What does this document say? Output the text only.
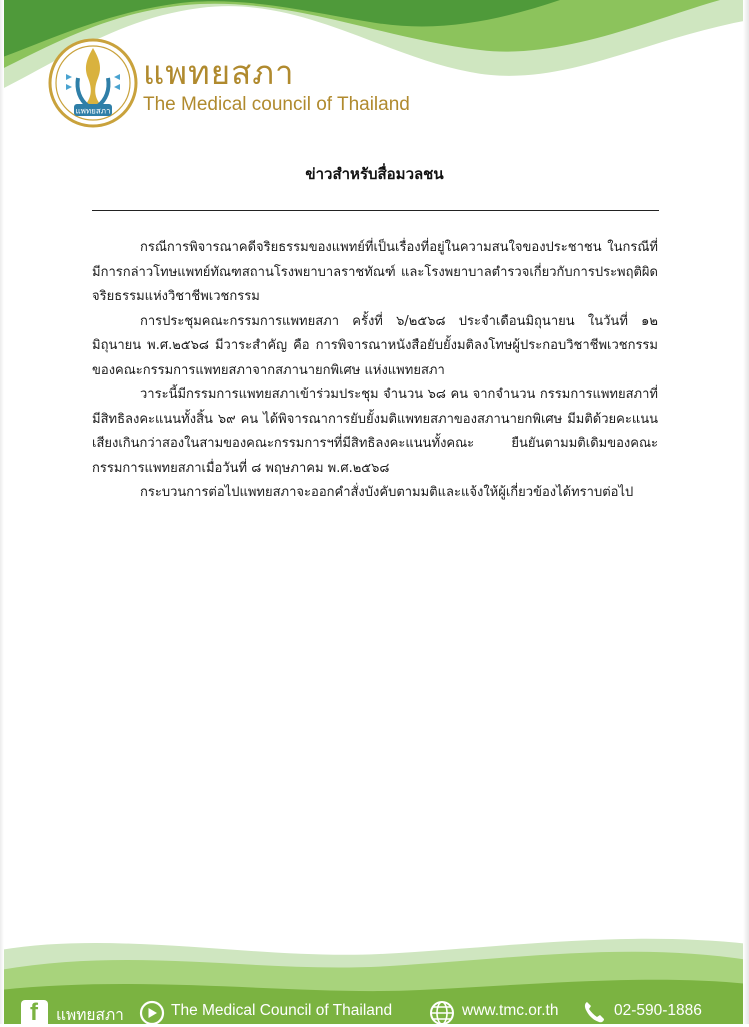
แพทยสภา
แพทยสภา
The Medical council of Thailand
ข่าวสำหรับสื่อมวลชน

กรณีการพิจารณาคดีจริยธรรมของแพทย์ที่เป็นเรื่องที่อยู่ในความสนใจของประชาชน ในกรณีที่มีการกล่าวโทษแพทย์ทัณฑสถานโรงพยาบาลราชทัณฑ์ และโรงพยาบาลตำรวจเกี่ยวกับการประพฤติผิดจริยธรรมแห่งวิชาชีพเวชกรรม

การประชุมคณะกรรมการแพทยสภา ครั้งที่ ๖/๒๕๖๘ ประจำเดือนมิถุนายน ในวันที่ ๑๒ มิถุนายน พ.ศ.๒๕๖๘ มีวาระสำคัญ คือ การพิจารณาหนังสือยับยั้งมติลงโทษผู้ประกอบวิชาชีพเวชกรรมของคณะกรรมการแพทยสภาจากสภานายกพิเศษ แห่งแพทยสภา

วาระนี้มีกรรมการแพทยสภาเข้าร่วมประชุม จำนวน ๖๘ คน จากจำนวน กรรมการแพทยสภาที่มีสิทธิลงคะแนนทั้งสิ้น ๖๙ คน ได้พิจารณาการยับยั้งมติแพทยสภาของสภานายกพิเศษ มีมติด้วยคะแนนเสียงเกินกว่าสองในสามของคณะกรรมการฯที่มีสิทธิลงคะแนนทั้งคณะ ยืนยันตามมติเดิมของคณะกรรมการแพทยสภาเมื่อวันที่ ๘ พฤษภาคม พ.ศ.๒๕๖๘

กระบวนการต่อไปแพทยสภาจะออกคำสั่งบังคับตามมติและแจ้งให้ผู้เกี่ยวข้องได้ทราบต่อไป

f แพทยสภา	The Medical Council of Thailand	www.tmc.or.th	02-590-1886
